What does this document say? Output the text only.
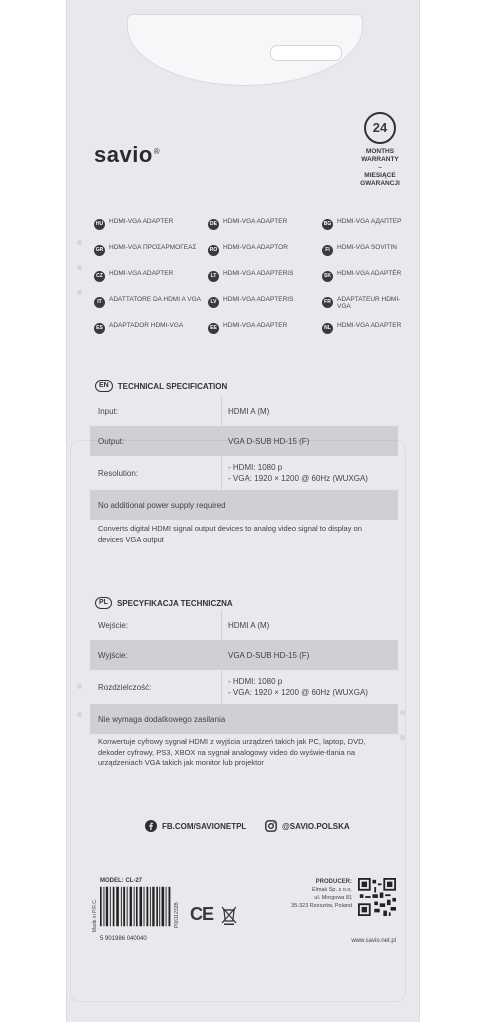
savio®
24
MONTHS
WARRANTY
–
MIESIĄCE
GWARANCJI
HU HDMI-VGA ADAPTER	DE HDMI-VGA ADAPTER	BG HDMI-VGA АДАПТЕР
GR HDMI-VGA ΠΡΟΣΑΡΜΟΓΕΑΣ	RO HDMI-VGA ADAPTOR	FI	HDMI-VGA SOVITIN
CZ HDMI-VGA ADAPTER	LT	HDMI-VGA ADAPTERIS	SK HDMI-VGA ADAPTÉR
IT	ADATTATORE DA HDMI A VGA	LV HDMI-VGA ADAPTERIS	FR ADAPTATEUR HDMI-VGA
ES ADAPTADOR HDMI-VGA	EE HDMI-VGA ADAPTER	NL HDMI-VGA ADAPTER
EN	TECHNICAL SPECIFICATION
Input:	HDMI A (M)
Output:	VGA D-SUB HD-15 (F)
Resolution:
- HDMI: 1080 p
- VGA: 1920 × 1200 @ 60Hz (WUXGA)
No additional power supply required
Converts digital HDMI signal output devices to analog video signal to display on devices VGA output
PL	SPECYFIKACJA TECHNICZNA
Wejście:	HDMI A (M)
Wyjście:	VGA D-SUB HD-15 (F)
Rozdzielczość:
- HDMI: 1080 p
- VGA: 1920 × 1200 @ 60Hz (WUXGA)
Nie wymaga dodatkowego zasilania
Konwertuje cyfrowy sygnał HDMI z wyjścia urządzeń takich jak PC, laptop, DVD, dekoder cyfrowy, PS3, XBOX na sygnał analogowy video do wyświe-tlania na urządzeniach VGA takich jak monitor lub projektor
FB.COM/SAVIONETPL	@SAVIO.POLSKA
MODEL: CL-27
Made in P.R.C.	P0611232B
5 901986 040040
CE
PRODUCER:
Elmak Sp. z o.o.
ul. Morgowa 81
35-323 Rzeszów, Poland
www.savio.net.pl
